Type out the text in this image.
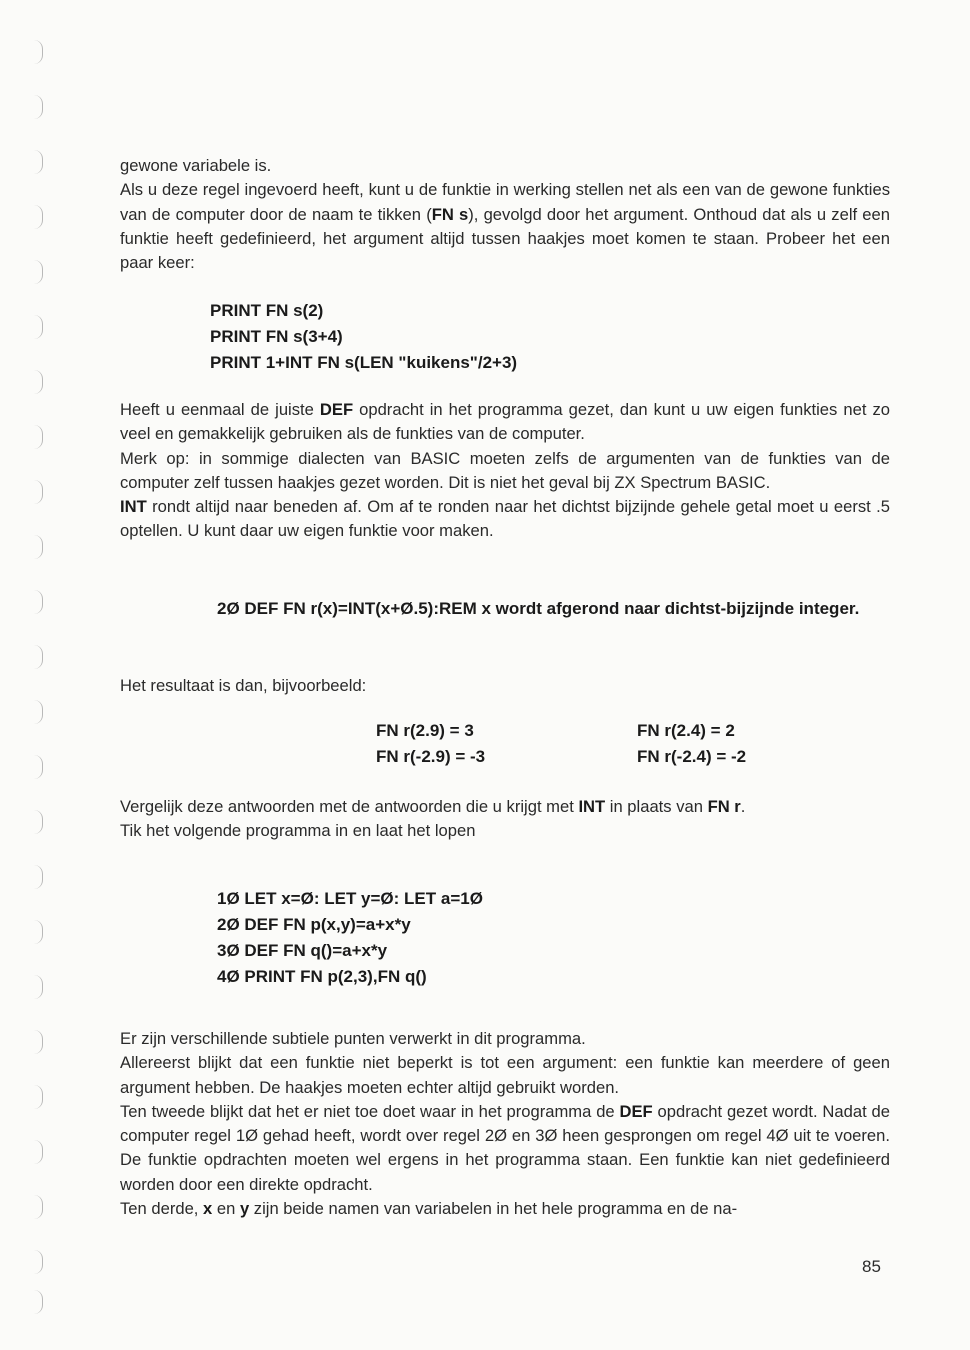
gewone variabele is.

Als u deze regel ingevoerd heeft, kunt u de funktie in werking stellen net als een van de gewone funkties van de computer door de naam te tikken (FN s), gevolgd door het argument. Onthoud dat als u zelf een funktie heeft gedefinieerd, het argument altijd tussen haakjes moet komen te staan. Probeer het een paar keer:

PRINT FN s(2)
PRINT FN s(3+4)
PRINT 1+INT FN s(LEN "kuikens"/2+3)

Heeft u eenmaal de juiste DEF opdracht in het programma gezet, dan kunt u uw eigen funkties net zo veel en gemakkelijk gebruiken als de funkties van de computer.

Merk op: in sommige dialecten van BASIC moeten zelfs de argumenten van de funkties van de computer zelf tussen haakjes gezet worden. Dit is niet het geval bij ZX Spectrum BASIC.

INT rondt altijd naar beneden af. Om af te ronden naar het dichtst bijzijnde gehele getal moet u eerst .5 optellen. U kunt daar uw eigen funktie voor maken.

2Ø DEF FN r(x)=INT(x+Ø.5):REM x wordt afgerond naar dichtst-bijzijnde integer.

Het resultaat is dan, bijvoorbeeld:

FN r(2.9) = 3
FN r(-2.9) = -3
FN r(2.4) = 2
FN r(-2.4) = -2

Vergelijk deze antwoorden met de antwoorden die u krijgt met INT in plaats van FN r.

Tik het volgende programma in en laat het lopen

1Ø LET x=Ø: LET y=Ø: LET a=1Ø
2Ø DEF FN p(x,y)=a+x*y
3Ø DEF FN q()=a+x*y
4Ø PRINT FN p(2,3),FN q()

Er zijn verschillende subtiele punten verwerkt in dit programma.

Allereerst blijkt dat een funktie niet beperkt is tot een argument: een funktie kan meerdere of geen argument hebben. De haakjes moeten echter altijd gebruikt worden.

Ten tweede blijkt dat het er niet toe doet waar in het programma de DEF opdracht gezet wordt. Nadat de computer regel 1Ø gehad heeft, wordt over regel 2Ø en 3Ø heen gesprongen om regel 4Ø uit te voeren. De funktie opdrachten moeten wel ergens in het programma staan. Een funktie kan niet gedefinieerd worden door een direkte opdracht.

Ten derde, x en y zijn beide namen van variabelen in het hele programma en de na-

85
